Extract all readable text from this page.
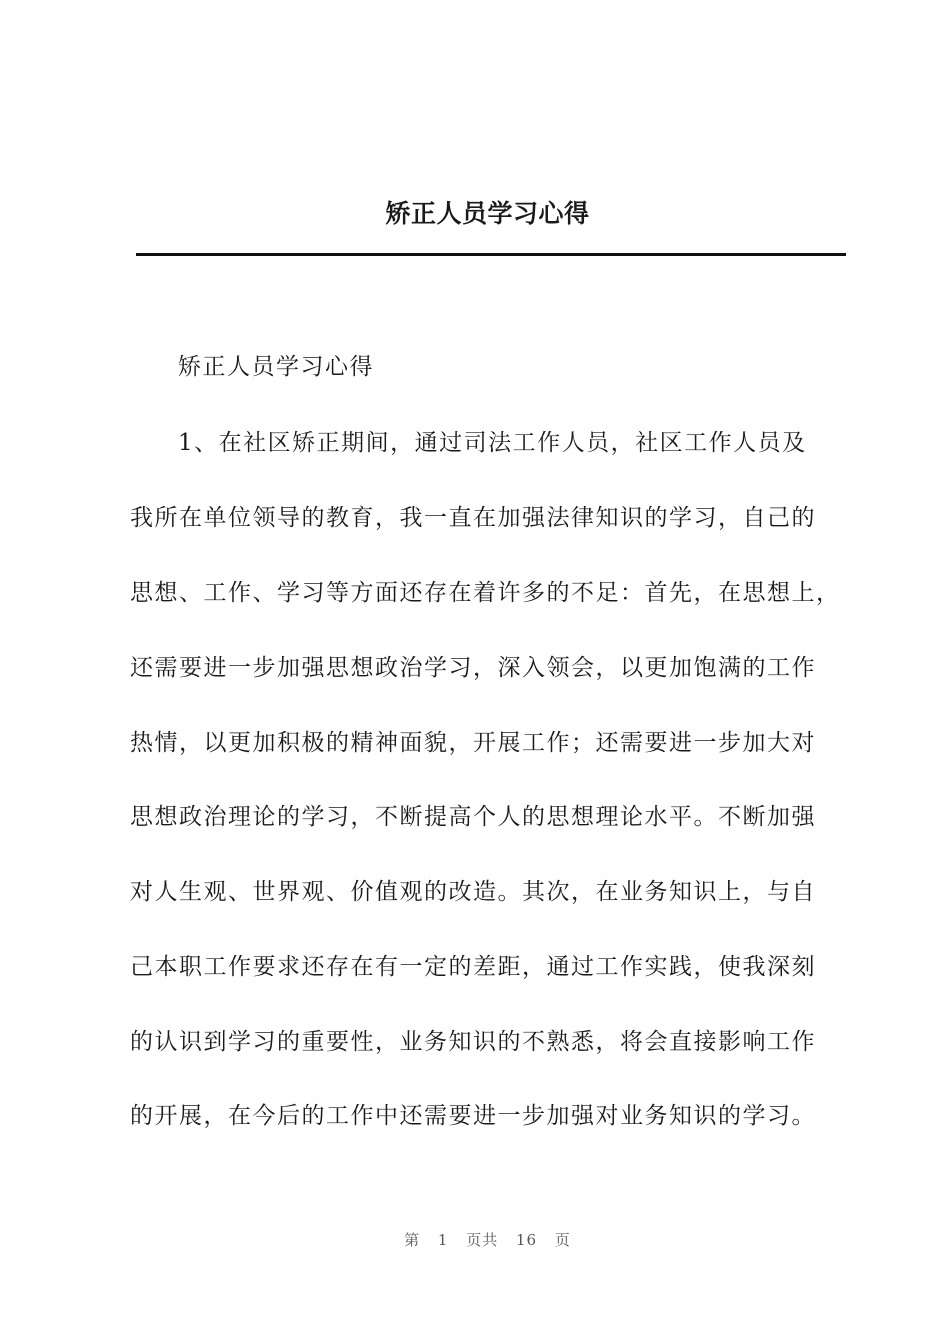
矫正人员学习心得
矫正人员学习心得
1、在社区矫正期间，通过司法工作人员，社区工作人员及
我所在单位领导的教育，我一直在加强法律知识的学习，自己的
思想、工作、学习等方面还存在着许多的不足：首先，在思想上，
还需要进一步加强思想政治学习，深入领会，以更加饱满的工作
热情，以更加积极的精神面貌，开展工作；还需要进一步加大对
思想政治理论的学习，不断提高个人的思想理论水平。不断加强
对人生观、世界观、价值观的改造。其次，在业务知识上，与自
己本职工作要求还存在有一定的差距，通过工作实践，使我深刻
的认识到学习的重要性，业务知识的不熟悉，将会直接影响工作
的开展，在今后的工作中还需要进一步加强对业务知识的学习。
第 1 页共 16 页
